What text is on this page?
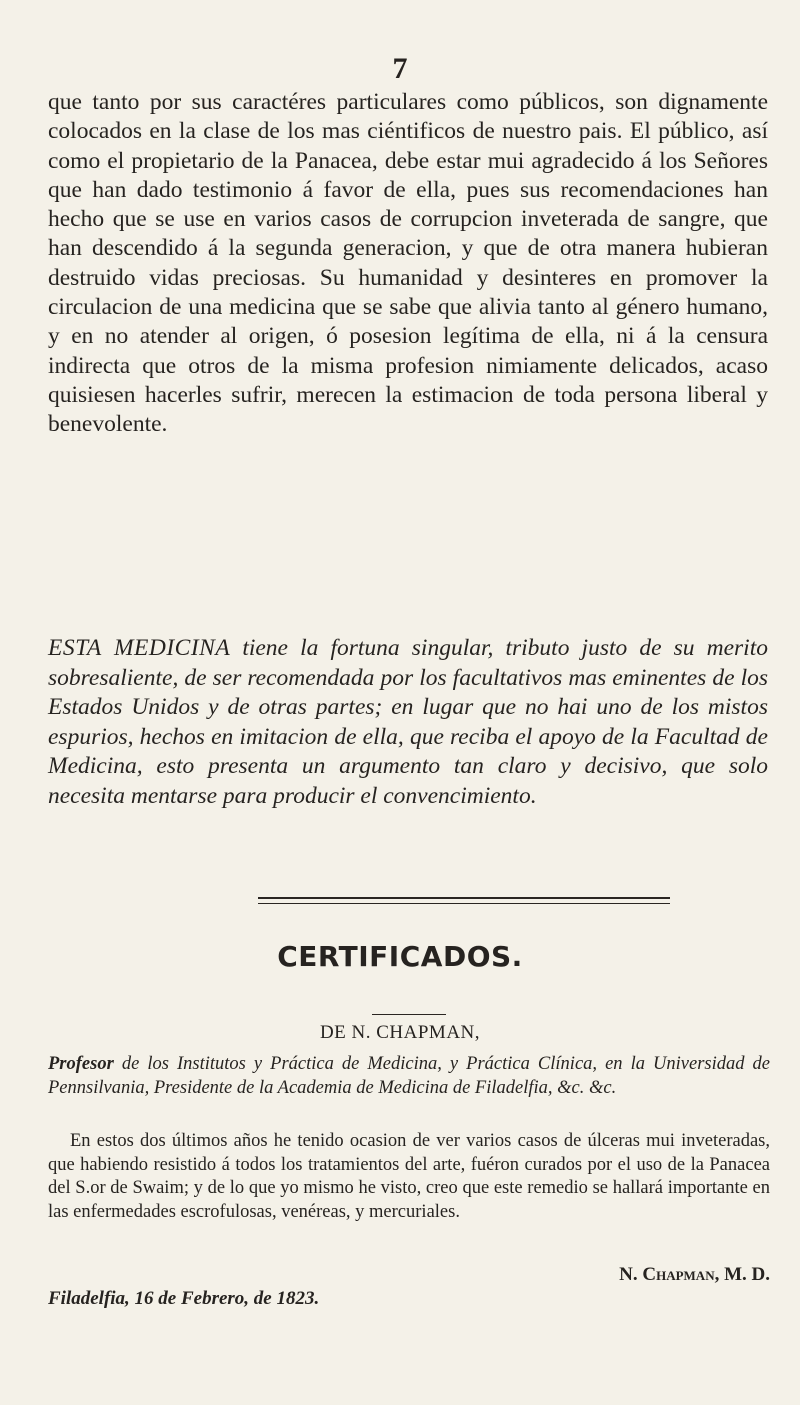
7

que tanto por sus caractéres particulares como públicos, son dignamente colocados en la clase de los mas ciéntificos de nuestro pais. El público, así como el propietario de la Panacea, debe estar mui agradecido á los Señores que han dado testimonio á favor de ella, pues sus recomendaciones han hecho que se use en varios casos de corrupcion inveterada de sangre, que han descendido á la segunda generacion, y que de otra manera hubieran destruido vidas preciosas. Su humanidad y desinteres en promover la circulacion de una medicina que se sabe que alivia tanto al género humano, y en no atender al origen, ó posesion legítima de ella, ni á la censura indirecta que otros de la misma profesion nimiamente delicados, acaso quisiesen hacerles sufrir, merecen la estimacion de toda persona liberal y benevolente.

ESTA MEDICINA tiene la fortuna singular, tributo justo de su merito sobresaliente, de ser recomendada por los facultativos mas eminentes de los Estados Unidos y de otras partes; en lugar que no hai uno de los mistos espurios, hechos en imitacion de ella, que reciba el apoyo de la Facultad de Medicina, esto presenta un argumento tan claro y decisivo, que solo necesita mentarse para producir el convencimiento.
CERTIFICADOS.
DE N. CHAPMAN,
Profesor de los Institutos y Práctica de Medicina, y Práctica Clínica, en la Universidad de Pennsilvania, Presidente de la Academia de Medicina de Filadelfia, &c. &c.
En estos dos últimos años he tenido ocasion de ver varios casos de úlceras mui inveteradas, que habiendo resistido á todos los tratamientos del arte, fuéron curados por el uso de la Panacea del S.or de Swaim; y de lo que yo mismo he visto, creo que este remedio se hallará importante en las enfermedades escrofulosas, venéreas, y mercuriales.
N. Chapman, M. D.
Filadelfia, 16 de Febrero, de 1823.
